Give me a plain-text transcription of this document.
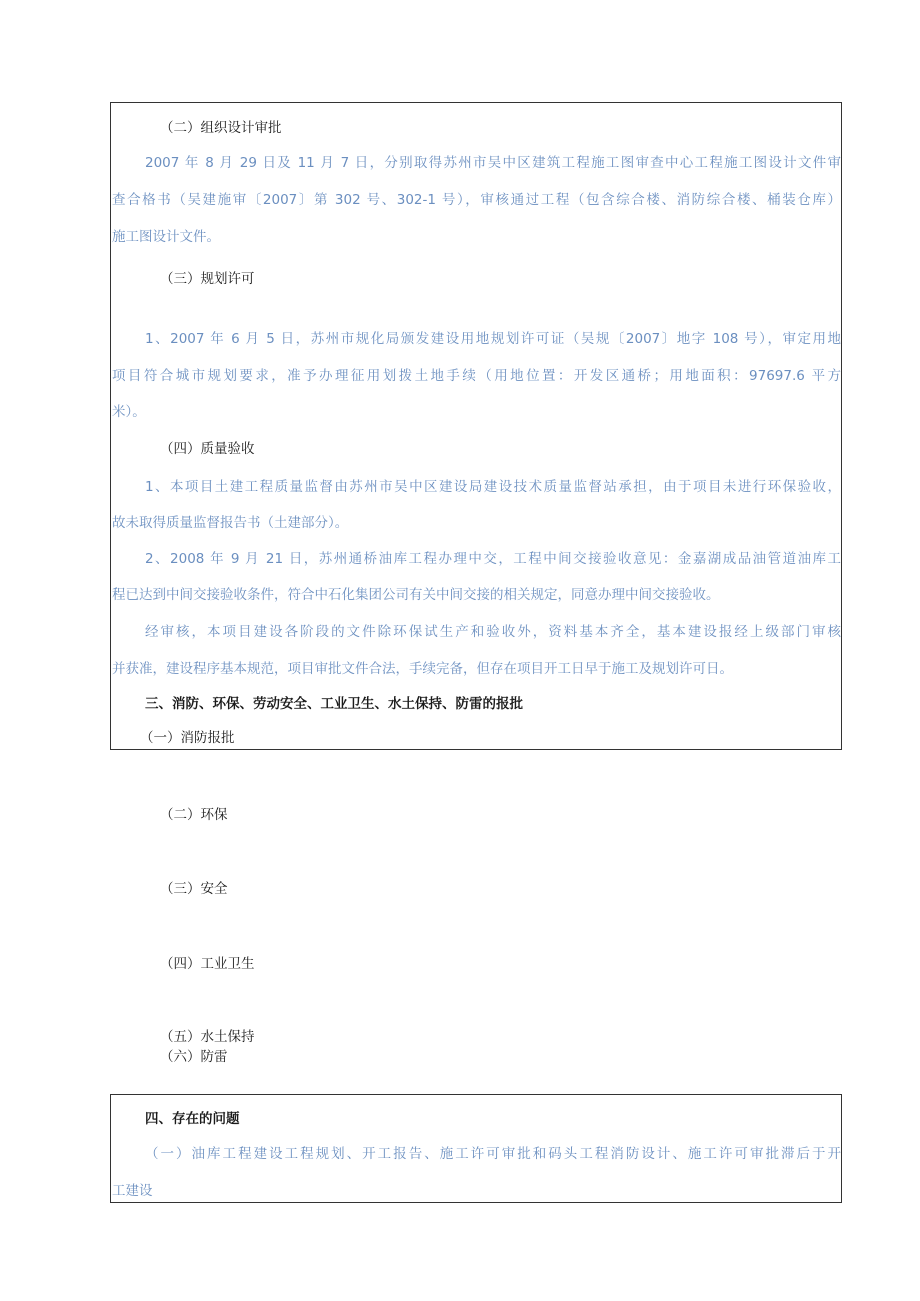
（二）组织设计审批
2007 年 8 月 29 日及 11 月 7 日，分别取得苏州市吴中区建筑工程施工图审查中心工程施工图设计文件审
查合格书（吴建施审〔2007〕第 302 号、302-1 号），审核通过工程（包含综合楼、消防综合楼、桶装仓库）
施工图设计文件。
（三）规划许可
1、2007 年 6 月 5 日，苏州市规化局颁发建设用地规划许可证（吴规〔2007〕地字 108 号），审定用地
项目符合城市规划要求，准予办理征用划拨土地手续（用地位置：开发区通桥；用地面积：97697.6 平方
米）。
（四）质量验收
1、本项目土建工程质量监督由苏州市吴中区建设局建设技术质量监督站承担，由于项目未进行环保验收，
故未取得质量监督报告书（土建部分）。
2、2008 年 9 月 21 日，苏州通桥油库工程办理中交，工程中间交接验收意见：金嘉湖成品油管道油库工
程已达到中间交接验收条件，符合中石化集团公司有关中间交接的相关规定，同意办理中间交接验收。
经审核，本项目建设各阶段的文件除环保试生产和验收外，资料基本齐全，基本建设报经上级部门审核
并获准，建设程序基本规范，项目审批文件合法，手续完备，但存在项目开工日早于施工及规划许可日。
三、消防、环保、劳动安全、工业卫生、水土保持、防雷的报批
（一）消防报批
（二）环保
（三）安全
（四）工业卫生
（五）水土保持
（六）防雷
四、存在的问题
（一）油库工程建设工程规划、开工报告、施工许可审批和码头工程消防设计、施工许可审批滞后于开
工建设
